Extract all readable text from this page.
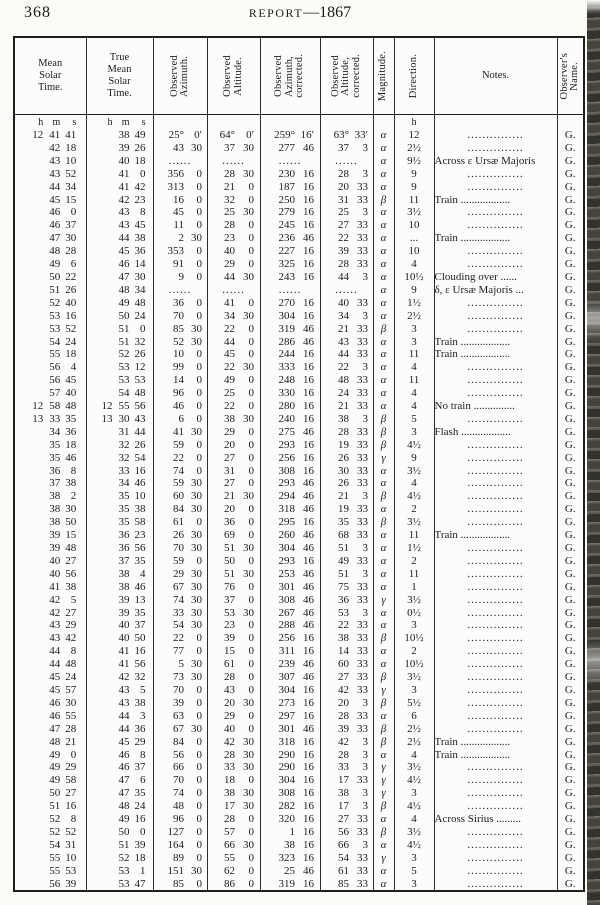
368	REPORT—1867
Mean
Solar
Time.	True
Mean
Solar
Time.	Observed Azimuth.	Observed Altitude.	Observed Azimuth, corrected.	Observed Altitude, corrected.	Magnitude.	Direction.	Notes.	Observer's Name.

h m s	h m s						h		
12 41 41	38 49	25° 0′	64° 0′	259° 16′	63° 33′	α	12	...............	G.
42 18	39 26	43 30	37 30	277 46	37 3	α	2½	...............	G.
43 10	40 18	......	......	......	......	α	9½	Across ε Ursæ Majoris	G.
43 52	41 0	356 0	28 30	230 16	28 3	α	9	...............	G.
44 34	41 42	313 0	21 0	187 16	20 33	α	9	...............	G.
45 15	42 23	16 0	32 0	250 16	31 33	β	11	Train ..................	G.
46 0	43 8	45 0	25 30	279 16	25 3	α	3½	...............	G.
46 37	43 45	11 0	28 0	245 16	27 33	α	10	...............	G.
47 30	44 38	2 30	23 0	236 46	22 33	α	...	Train ..................	G.
48 28	45 36	353 0	40 0	227 16	39 33	α	10	...............	G.
49 6	46 14	91 0	29 0	325 16	28 33	α	4	...............	G.
50 22	47 30	9 0	44 30	243 16	44 3	α	10½	Clouding over ......	G.
51 26	48 34	......	......	......	......	α	9	δ, ε Ursæ Majoris ...	G.
52 40	49 48	36 0	41 0	270 16	40 33	α	1½	...............	G.
53 16	50 24	70 0	34 30	304 16	34 3	α	2½	...............	G.
53 52	51 0	85 30	22 0	319 46	21 33	β	3	...............	G.
54 24	51 32	52 30	44 0	286 46	43 33	α	3	Train ..................	G.
55 18	52 26	10 0	45 0	244 16	44 33	α	11	Train ..................	G.
56 4	53 12	99 0	22 30	333 16	22 3	α	4	...............	G.
56 45	53 53	14 0	49 0	248 16	48 33	α	11	...............	G.
57 40	54 48	96 0	25 0	330 16	24 33	α	4	...............	G.
12 58 48	12 55 56	46 0	22 0	280 16	21 33	α	4	No train ...............	G.
13 33 35	13 30 43	6 0	38 30	240 16	38 3	β	5	...............	G.
34 36	31 44	41 30	29 0	275 46	28 33	β	3	Flash ..................	G.
35 18	32 26	59 0	20 0	293 16	19 33	β	4½	...............	G.
35 46	32 54	22 0	27 0	256 16	26 33	γ	9	...............	G.
36 8	33 16	74 0	31 0	308 16	30 33	α	3½	...............	G.
37 38	34 46	59 30	27 0	293 46	26 33	α	4	...............	G.
38 2	35 10	60 30	21 30	294 46	21 3	β	4½	...............	G.
38 30	35 38	84 30	20 0	318 46	19 33	α	2	...............	G.
38 50	35 58	61 0	36 0	295 16	35 33	β	3½	...............	G.
39 15	36 23	26 30	69 0	260 46	68 33	α	11	Train ..................	G.
39 48	36 56	70 30	51 30	304 46	51 3	α	1½	...............	G.
40 27	37 35	59 0	50 0	293 16	49 33	α	2	...............	G.
40 56	38 4	29 30	51 30	253 46	51 3	α	11	...............	G.
41 38	38 46	67 30	76 0	301 46	75 33	α	1	...............	G.
42 5	39 13	74 30	37 0	308 46	36 33	γ	3½	...............	G.
42 27	39 35	33 30	53 30	267 46	53 3	α	0½	...............	G.
43 29	40 37	54 30	23 0	288 46	22 33	α	3	...............	G.
43 42	40 50	22 0	39 0	256 16	38 33	β	10½	...............	G.
44 8	41 16	77 0	15 0	311 16	14 33	α	2	...............	G.
44 48	41 56	5 30	61 0	239 46	60 33	α	10½	...............	G.
45 24	42 32	73 30	28 0	307 46	27 33	β	3½	...............	G.
45 57	43 5	70 0	43 0	304 16	42 33	γ	3	...............	G.
46 30	43 38	39 0	20 30	273 16	20 3	β	5½	...............	G.
46 55	44 3	63 0	29 0	297 16	28 33	α	6	...............	G.
47 28	44 36	67 30	40 0	301 46	39 33	β	2½	...............	G.
48 21	45 29	84 0	42 30	318 16	42 3	β	2½	Train ..................	G.
49 0	46 8	56 0	28 30	290 16	28 3	α	4	Train ..................	G.
49 29	46 37	66 0	33 30	290 16	33 3	γ	3½	...............	G.
49 58	47 6	70 0	18 0	304 16	17 33	γ	4½	...............	G.
50 27	47 35	74 0	38 30	308 16	38 3	γ	3	...............	G.
51 16	48 24	48 0	17 30	282 16	17 3	β	4½	...............	G.
52 8	49 16	96 0	28 0	320 16	27 33	α	4	Across Sirius .........	G.
52 52	50 0	127 0	57 0	1 16	56 33	β	3½	...............	G.
54 31	51 39	164 0	66 30	38 16	66 3	α	4½	...............	G.
55 10	52 18	89 0	55 0	323 16	54 33	γ	3	...............	G.
55 53	53 1	151 30	62 0	25 46	61 33	α	5	...............	G.
56 39	53 47	85 0	86 0	319 16	85 33	α	3	...............	G.
